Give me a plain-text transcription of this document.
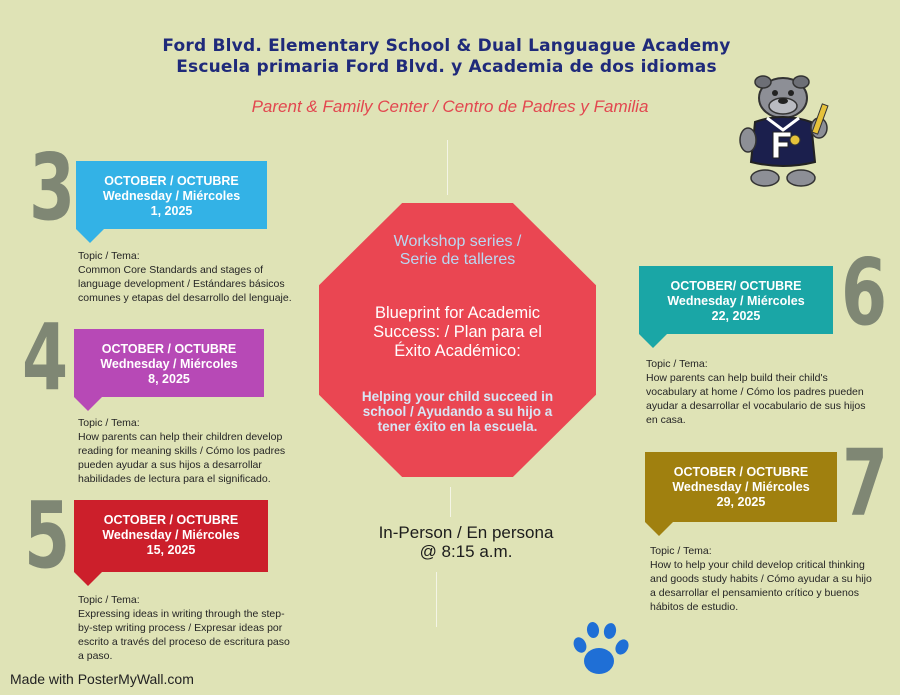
Ford Blvd. Elementary School & Dual Languague Academy
Escuela primaria Ford Blvd. y Academia de dos idiomas
Parent & Family Center / Centro de Padres y Familia
3	OCTOBER / OCTUBRE
Wednesday / Miércoles
1, 2025
Topic / Tema:
Common Core Standards and stages of language development / Estándares básicos comunes y etapas del desarrollo del lenguaje.
4	OCTOBER / OCTUBRE
Wednesday / Miércoles
8, 2025
Topic / Tema:
How parents can help their children develop reading for meaning skills / Cómo los padres pueden ayudar a sus hijos a desarrollar habilidades de lectura para el significado.
5	OCTOBER / OCTUBRE
Wednesday / Miércoles
15, 2025
Topic / Tema:
Expressing ideas in writing through the step-by-step writing process / Expresar ideas por escrito a través del proceso de escritura paso a paso.
6
OCTOBER/ OCTUBRE
Wednesday / Miércoles
22, 2025
Topic / Tema:
How parents can help build their child's vocabulary at home / Cómo los padres pueden ayudar a desarrollar el vocabulario de sus hijos en casa.
7
OCTOBER / OCTUBRE
Wednesday / Miércoles
29, 2025
Topic / Tema:
How to help your child develop critical thinking and goods study habits / Cómo ayudar a su hijo a desarrollar el pensamiento crítico y buenos hábitos de estudio.
Workshop series /
Serie de talleres
Blueprint for Academic Success: / Plan para el Éxito Académico:
Helping your child succeed in school / Ayudando a su hijo a tener éxito en la escuela.
In-Person / En persona
@ 8:15 a.m.
Made with PosterMyWall.com
